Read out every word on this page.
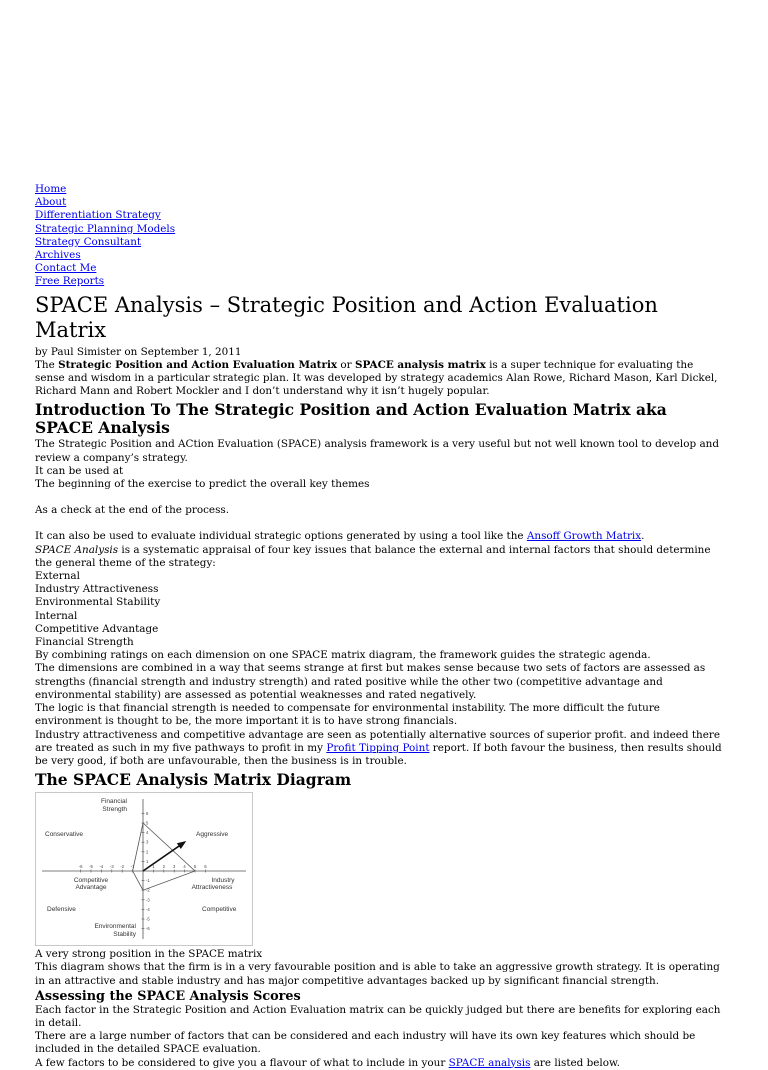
Home
About
Differentiation Strategy
Strategic Planning Models
Strategy Consultant
Archives
Contact Me
Free Reports
SPACE Analysis – Strategic Position and Action Evaluation Matrix
by Paul Simister on September 1, 2011

The Strategic Position and Action Evaluation Matrix or SPACE analysis matrix is a super technique for evaluating the sense and wisdom in a particular strategic plan. It was developed by strategy academics Alan Rowe, Richard Mason, Karl Dickel, Richard Mann and Robert Mockler and I don’t understand why it isn’t hugely popular.

Introduction To The Strategic Position and Action Evaluation Matrix aka SPACE Analysis
The Strategic Position and ACtion Evaluation (SPACE) analysis framework is a very useful but not well known tool to develop and review a company’s strategy.
It can be used at
The beginning of the exercise to predict the overall key themes
As a check at the end of the process.
It can also be used to evaluate individual strategic options generated by using a tool like the Ansoff Growth Matrix.
SPACE Analysis is a systematic appraisal of four key issues that balance the external and internal factors that should determine the general theme of the strategy:
External
Industry Attractiveness
Environmental Stability
Internal
Competitive Advantage
Financial Strength
By combining ratings on each dimension on one SPACE matrix diagram, the framework guides the strategic agenda.
The dimensions are combined in a way that seems strange at first but makes sense because two sets of factors are assessed as strengths (financial strength and industry strength) and rated positive while the other two (competitive advantage and environmental stability) are assessed as potential weaknesses and rated negatively.
The logic is that financial strength is needed to compensate for environmental instability. The more difficult the future environment is thought to be, the more important it is to have strong financials.
Industry attractiveness and competitive advantage are seen as potentially alternative sources of superior profit. and indeed there are treated as such in my five pathways to profit in my Profit Tipping Point report. If both favour the business, then results should be very good, if both are unfavourable, then the business is in trouble.
The SPACE Analysis Matrix Diagram
-6 -5 -4 -3 -2 -1	1 2 3 4 5 6
6
5
4
3
2
1
-1
-2
-3
-4
-5
-6
Financial
Strength
Conservative	Aggressive
Competitive
Advantage
Industry
Attractiveness
Defensive	Competitive
Environmental
Stability
A very strong position in the SPACE matrix
This diagram shows that the firm is in a very favourable position and is able to take an aggressive growth strategy. It is operating in an attractive and stable industry and has major competitive advantages backed up by significant financial strength.
Assessing the SPACE Analysis Scores
Each factor in the Strategic Position and Action Evaluation matrix can be quickly judged but there are benefits for exploring each in detail.
There are a large number of factors that can be considered and each industry will have its own key features which should be included in the detailed SPACE evaluation.
A few factors to be considered to give you a flavour of what to include in your SPACE analysis are listed below.
